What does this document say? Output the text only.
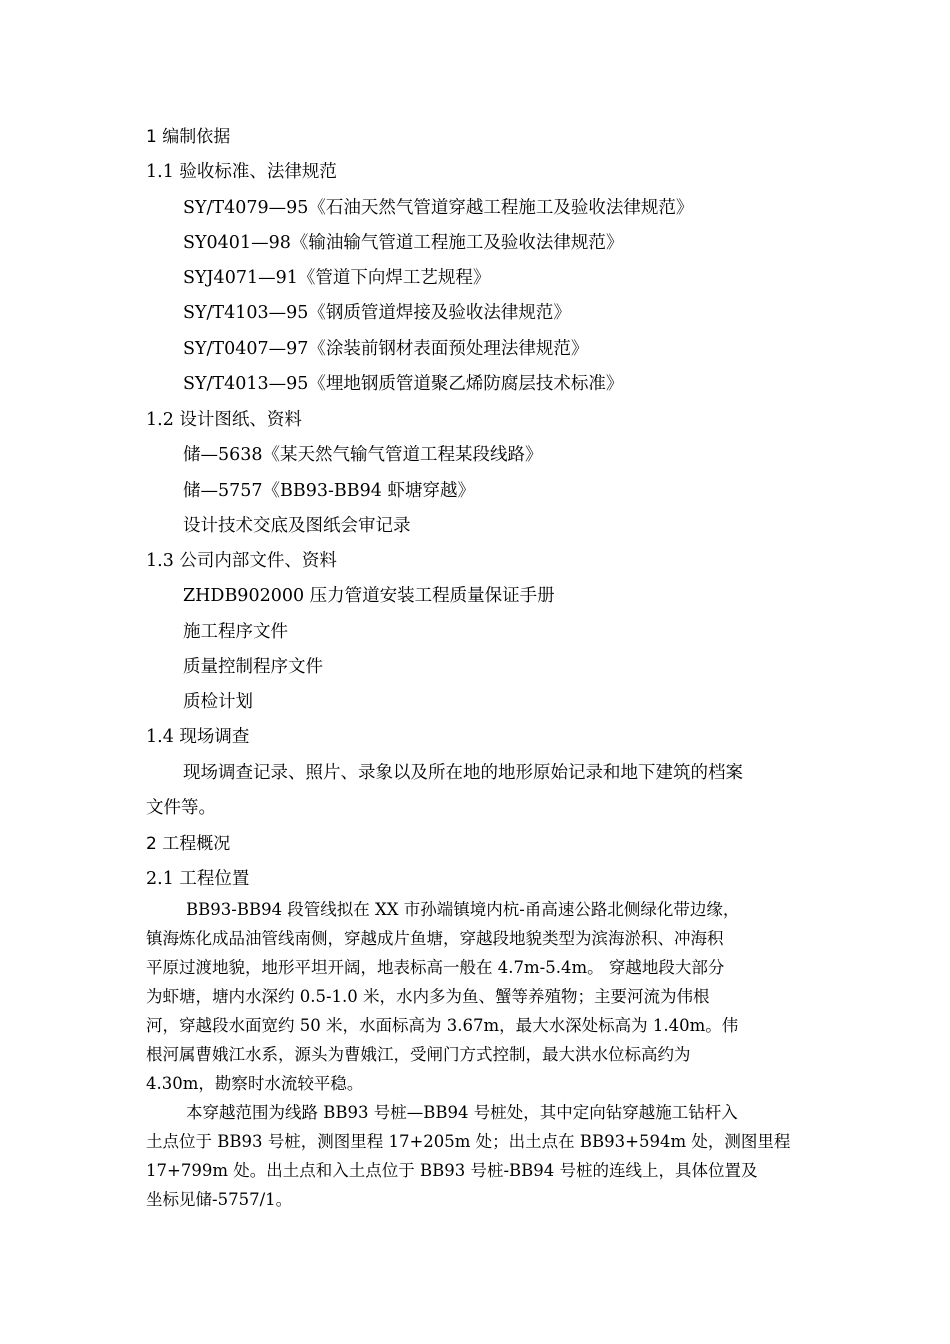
1 编制依据
1.1 验收标准、法律规范
SY/T4079—95《石油天然气管道穿越工程施工及验收法律规范》
SY0401—98《输油输气管道工程施工及验收法律规范》
SYJ4071—91《管道下向焊工艺规程》
SY/T4103—95《钢质管道焊接及验收法律规范》
SY/T0407—97《涂装前钢材表面预处理法律规范》
SY/T4013—95《埋地钢质管道聚乙烯防腐层技术标准》
1.2 设计图纸、资料
储—5638《某天然气输气管道工程某段线路》
储—5757《BB93-BB94 虾塘穿越》
设计技术交底及图纸会审记录
1.3 公司内部文件、资料
ZHDB902000 压力管道安装工程质量保证手册
施工程序文件
质量控制程序文件
质检计划
1.4 现场调查
现场调查记录、照片、录象以及所在地的地形原始记录和地下建筑的档案
文件等。
2 工程概况
2.1 工程位置
BB93-BB94 段管线拟在 XX 市孙端镇境内杭-甬高速公路北侧绿化带边缘，
镇海炼化成品油管线南侧，穿越成片鱼塘，穿越段地貌类型为滨海淤积、冲海积
平原过渡地貌，地形平坦开阔，地表标高一般在 4.7m-5.4m。 穿越地段大部分
为虾塘，塘内水深约 0.5-1.0 米，水内多为鱼、蟹等养殖物；主要河流为伟根
河，穿越段水面宽约 50 米，水面标高为 3.67m，最大水深处标高为 1.40m。伟
根河属曹娥江水系，源头为曹娥江，受闸门方式控制，最大洪水位标高约为
4.30m，勘察时水流较平稳。
本穿越范围为线路 BB93 号桩—BB94 号桩处，其中定向钻穿越施工钻杆入
土点位于 BB93 号桩，测图里程 17+205m 处；出土点在 BB93+594m 处，测图里程
17+799m 处。出土点和入土点位于 BB93 号桩-BB94 号桩的连线上，具体位置及
坐标见储-5757/1。
